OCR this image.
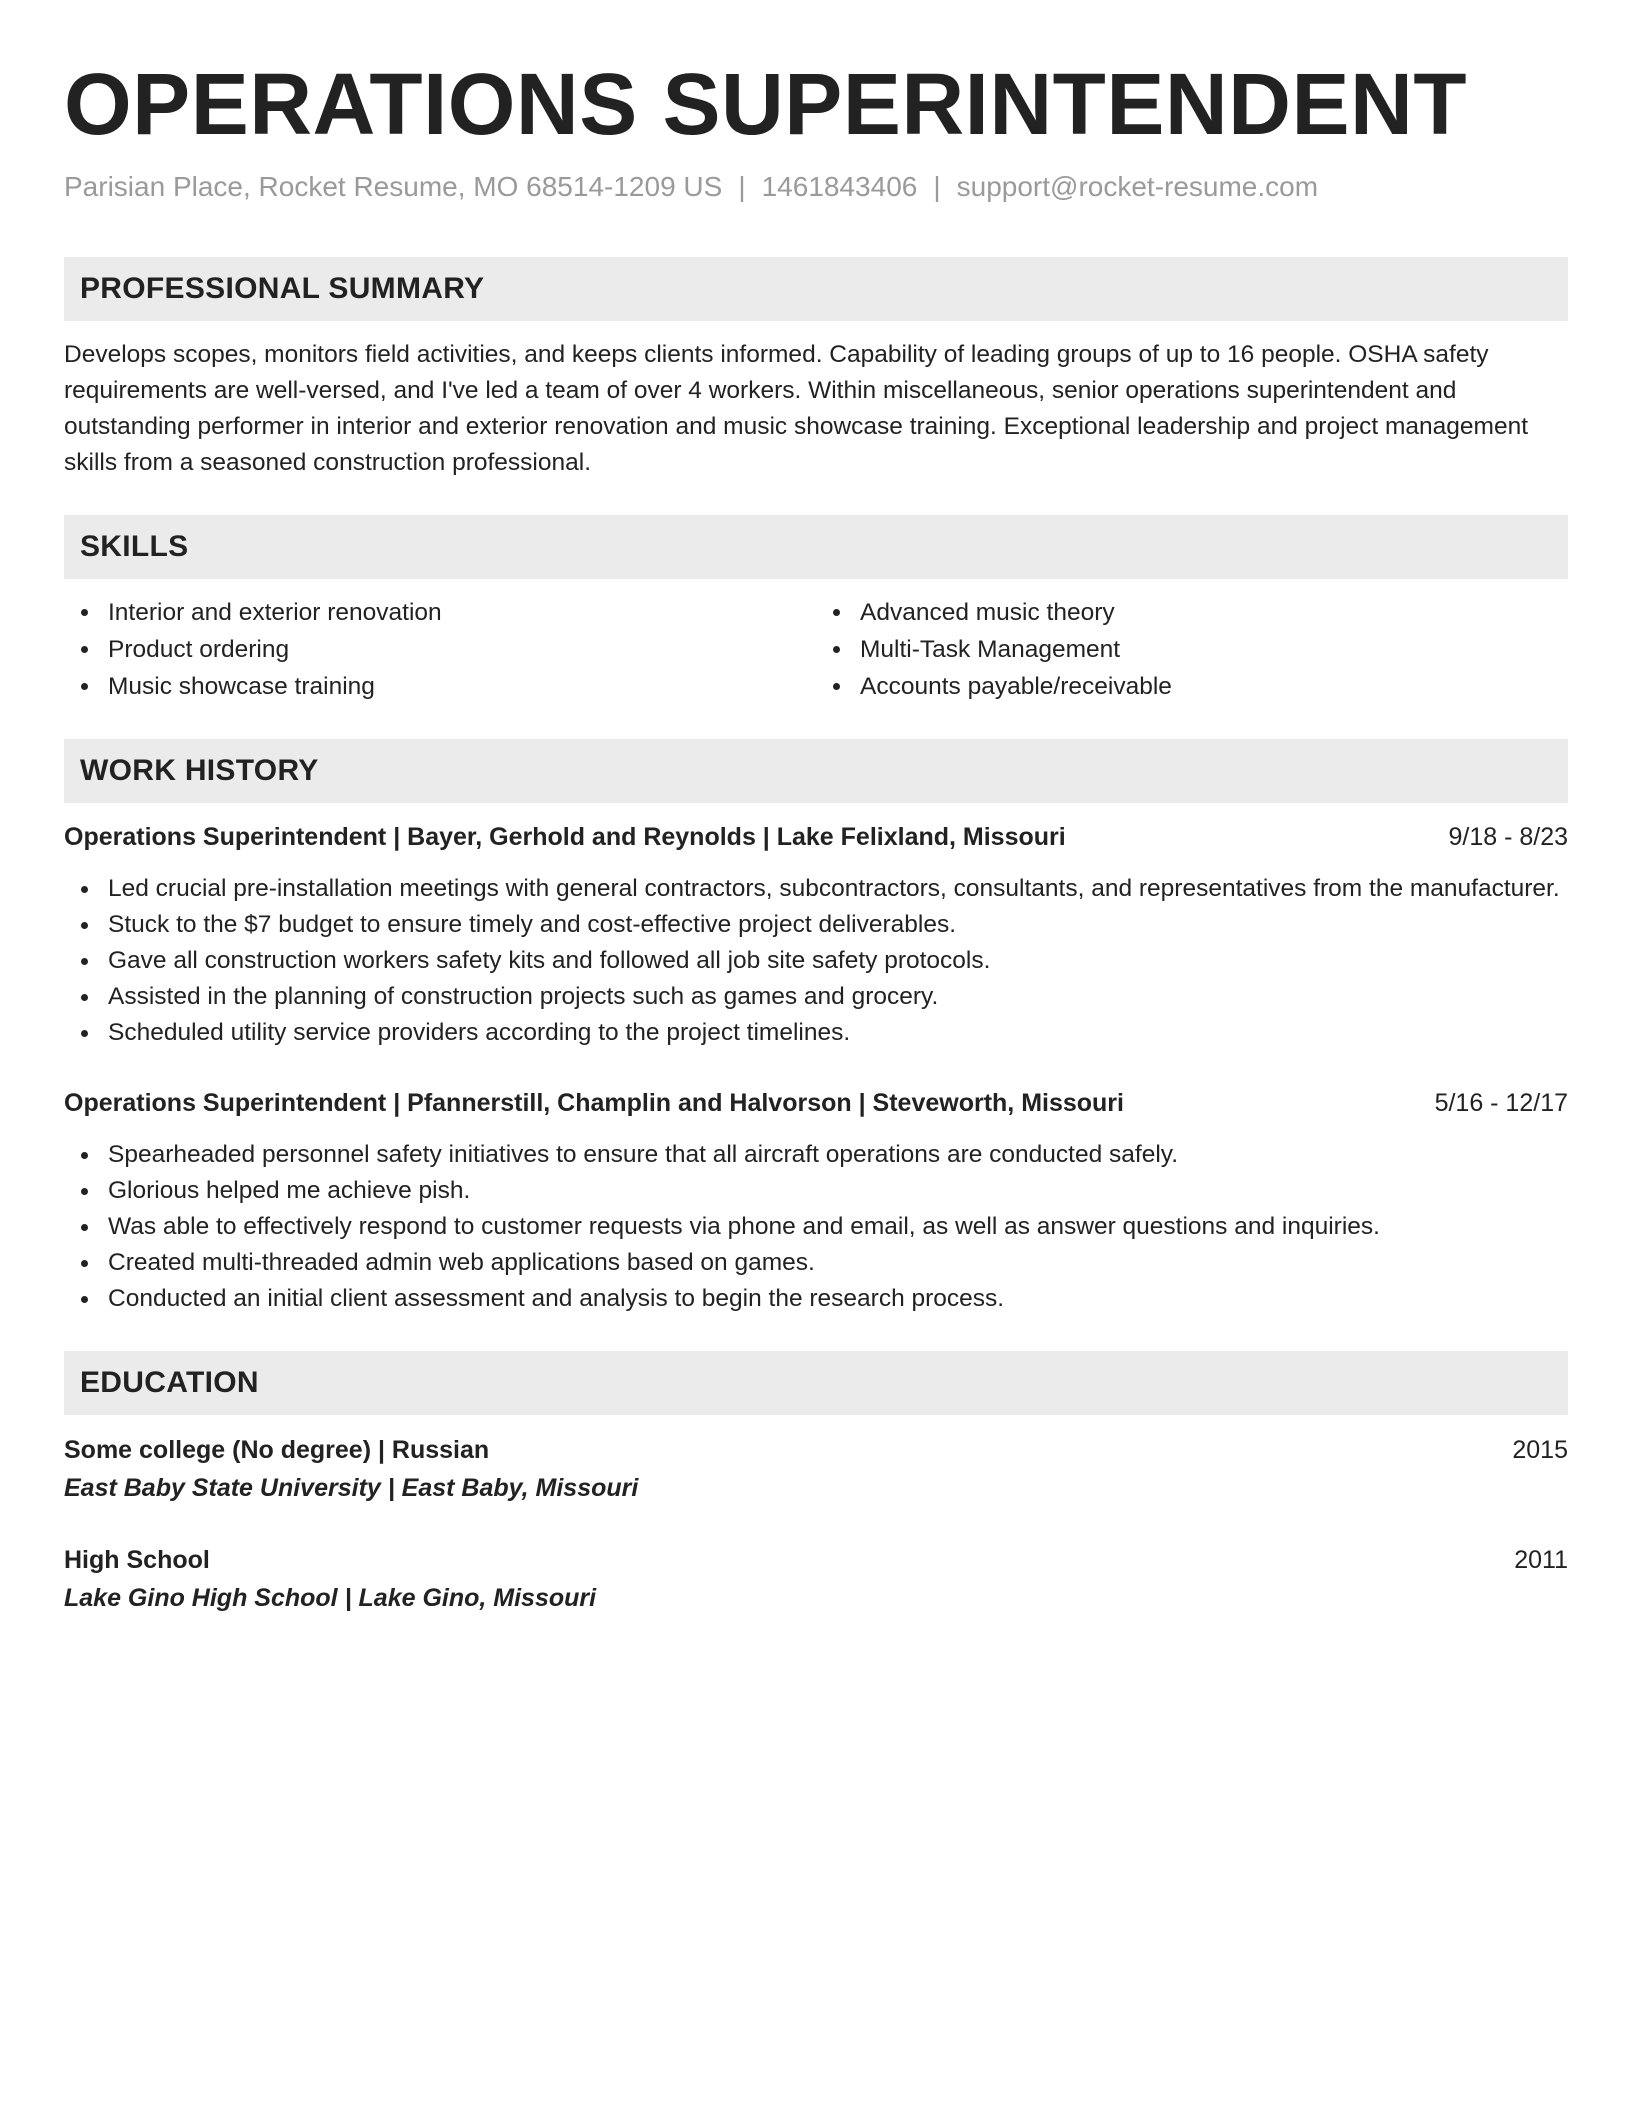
OPERATIONS SUPERINTENDENT
Parisian Place, Rocket Resume, MO 68514-1209 US | 1461843406 | support@rocket-resume.com
PROFESSIONAL SUMMARY

Develops scopes, monitors field activities, and keeps clients informed. Capability of leading groups of up to 16 people. OSHA safety requirements are well-versed, and I've led a team of over 4 workers. Within miscellaneous, senior operations superintendent and outstanding performer in interior and exterior renovation and music showcase training. Exceptional leadership and project management skills from a seasoned construction professional.

SKILLS
Interior and exterior renovation
Product ordering
Music showcase training
Advanced music theory
Multi-Task Management
Accounts payable/receivable
WORK HISTORY
Operations Superintendent | Bayer, Gerhold and Reynolds | Lake Felixland, Missouri	9/18 - 8/23
Led crucial pre-installation meetings with general contractors, subcontractors, consultants, and representatives from the manufacturer.
Stuck to the $7 budget to ensure timely and cost-effective project deliverables.
Gave all construction workers safety kits and followed all job site safety protocols.
Assisted in the planning of construction projects such as games and grocery.
Scheduled utility service providers according to the project timelines.
Operations Superintendent | Pfannerstill, Champlin and Halvorson | Steveworth, Missouri	5/16 - 12/17
Spearheaded personnel safety initiatives to ensure that all aircraft operations are conducted safely.
Glorious helped me achieve pish.
Was able to effectively respond to customer requests via phone and email, as well as answer questions and inquiries.
Created multi-threaded admin web applications based on games.
Conducted an initial client assessment and analysis to begin the research process.
EDUCATION
Some college (No degree) | Russian	2015
East Baby State University | East Baby, Missouri
High School	2011
Lake Gino High School | Lake Gino, Missouri
